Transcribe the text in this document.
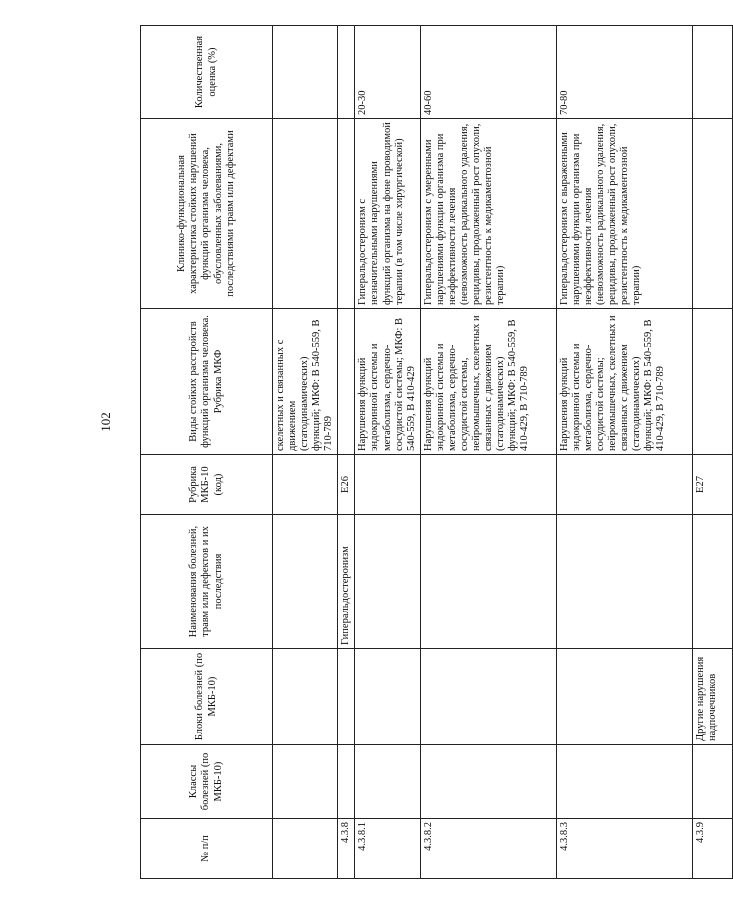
102
№ п/п	Классы болезней (по МКБ-10)	Блоки болезней (по МКБ-10)	Наименования болезней, травм или дефектов и их последствия	Рубрика МКБ-10 (код)	Виды стойких расстройств функций организма человека. Рубрика МКФ	Клинико-функциональная характеристика стойких нарушений функций организма человека, обусловленных заболеваниями, последствиями травм или дефектами	Количественная оценка (%)
					скелетных и связанных с движением (статодинамических) функций; МКФ: В 540-559, В 710-789		
4.3.8			Гиперальдостеронизм	E26			
4.3.8.1					Нарушения функций эндокринной системы и метаболизма, сердечно-сосудистой системы; МКФ: В 540-559, В 410-429	Гиперальдостеронизм с незначительными нарушениями функций организма на фоне проводимой терапии (в том числе хирургической)	20-30
4.3.8.2					Нарушения функций эндокринной системы и метаболизма, сердечно-сосудистой системы, нейромышечных, скелетных и связанных с движением (статодинамических) функций; МКФ: В 540-559, В 410-429, В 710-789	Гиперальдостеронизм с умеренными нарушениями функции организма при неэффективности лечения (невозможность радикального удаления, рецидивы, продолженный рост опухоли, резистентность к медикаментозной терапии)	40-60
4.3.8.3					Нарушения функций эндокринной системы и метаболизма, сердечно-сосудистой системы; нейромышечных, скелетных и связанных с движением (статодинамических) функций; МКФ: В 540-559, В 410-429, В 710-789	Гиперальдостеронизм с выраженными нарушениями функции организма при неэффективности лечения (невозможность радикального удаления, рецидивы, продолженный рост опухоли, резистентность к медикаментозной терапии)	70-80
4.3.9		Другие нарушения надпочечников		E27			
